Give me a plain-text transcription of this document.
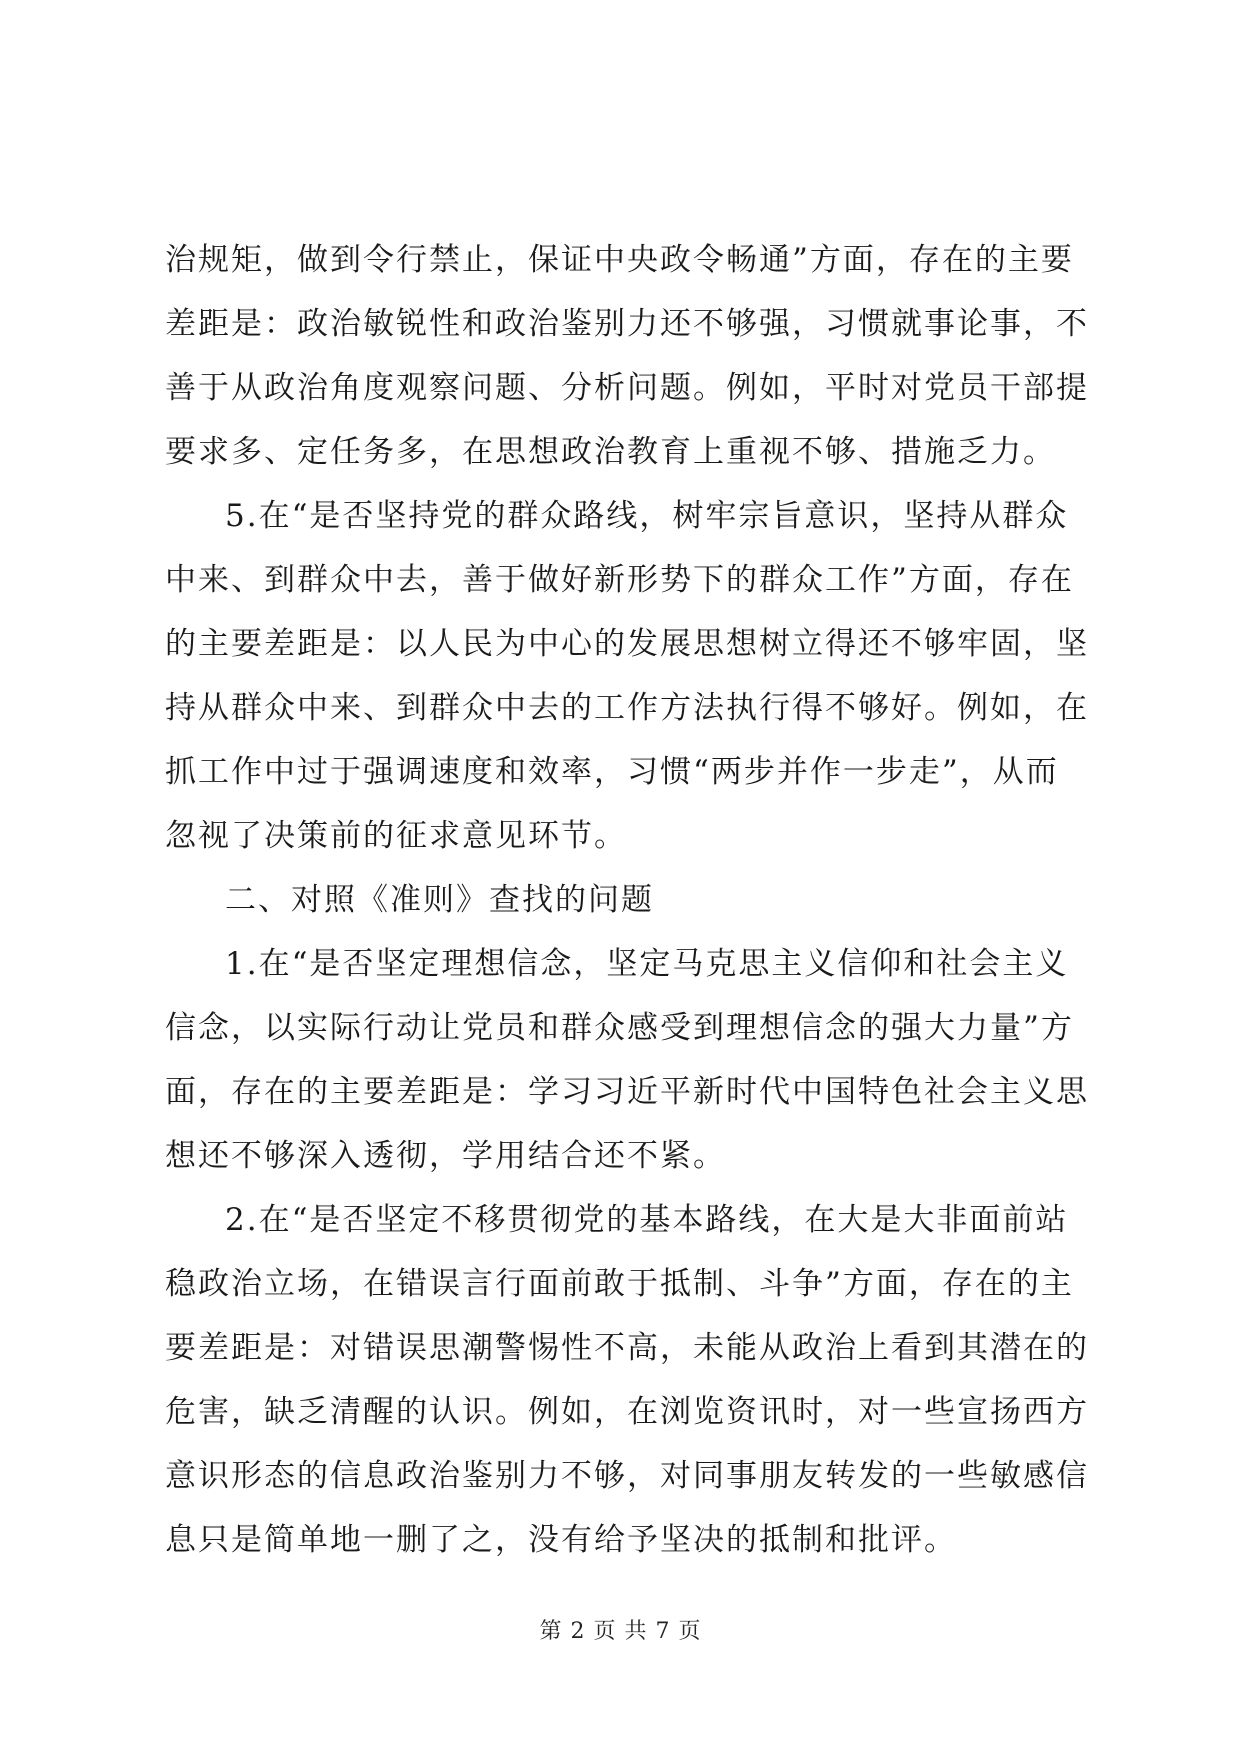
治规矩，做到令行禁止，保证中央政令畅通”方面，存在的主要
差距是：政治敏锐性和政治鉴别力还不够强，习惯就事论事，不
善于从政治角度观察问题、分析问题。例如，平时对党员干部提
要求多、定任务多，在思想政治教育上重视不够、措施乏力。
5.在“是否坚持党的群众路线，树牢宗旨意识，坚持从群众
中来、到群众中去，善于做好新形势下的群众工作”方面，存在
的主要差距是：以人民为中心的发展思想树立得还不够牢固，坚
持从群众中来、到群众中去的工作方法执行得不够好。例如，在
抓工作中过于强调速度和效率，习惯“两步并作一步走”，从而
忽视了决策前的征求意见环节。
二、对照《准则》查找的问题
1.在“是否坚定理想信念，坚定马克思主义信仰和社会主义
信念，以实际行动让党员和群众感受到理想信念的强大力量”方
面，存在的主要差距是：学习习近平新时代中国特色社会主义思
想还不够深入透彻，学用结合还不紧。
2.在“是否坚定不移贯彻党的基本路线，在大是大非面前站
稳政治立场，在错误言行面前敢于抵制、斗争”方面，存在的主
要差距是：对错误思潮警惕性不高，未能从政治上看到其潜在的
危害，缺乏清醒的认识。例如，在浏览资讯时，对一些宣扬西方
意识形态的信息政治鉴别力不够，对同事朋友转发的一些敏感信
息只是简单地一删了之，没有给予坚决的抵制和批评。
第 2 页 共 7 页
